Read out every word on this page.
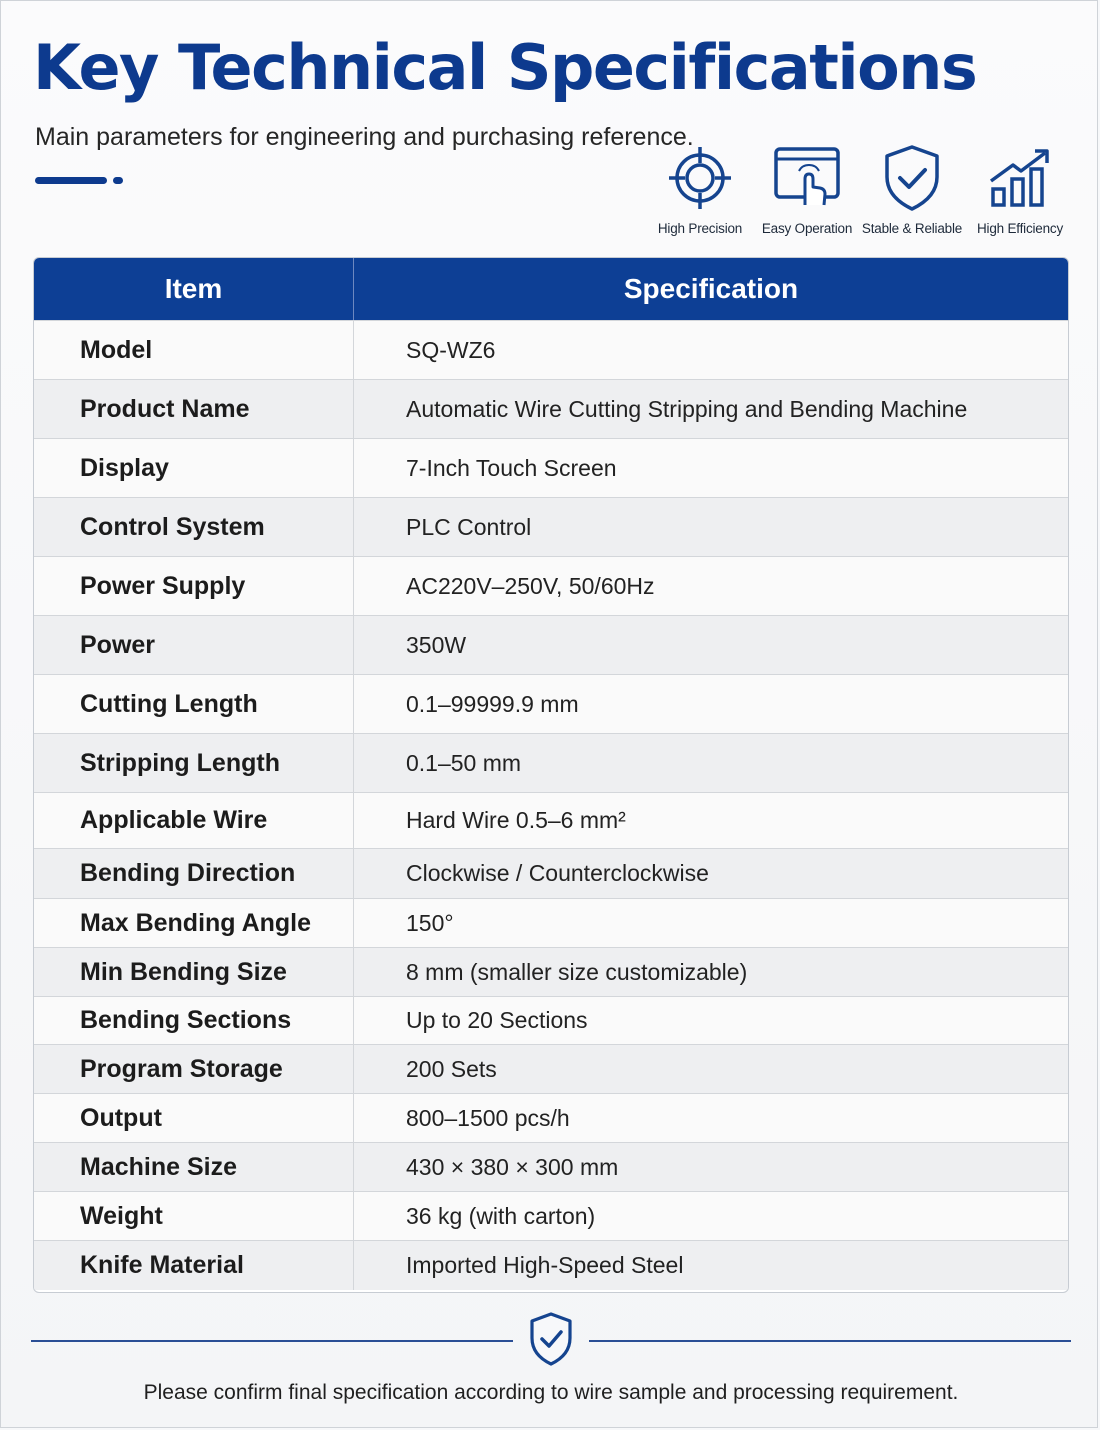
Key Technical Specifications
Main parameters for engineering and purchasing reference.
High Precision	Easy Operation Stable & Reliable	High Efficiency
Item	Specification
Model	SQ-WZ6
Product Name	Automatic Wire Cutting Stripping and Bending Machine
Display	7-Inch Touch Screen
Control System	PLC Control
Power Supply	AC220V–250V, 50/60Hz
Power	350W
Cutting Length	0.1–99999.9 mm
Stripping Length	0.1–50 mm
Applicable Wire	Hard Wire 0.5–6 mm²
Bending Direction	Clockwise / Counterclockwise
Max Bending Angle	150°
Min Bending Size	8 mm (smaller size customizable)
Bending Sections	Up to 20 Sections
Program Storage	200 Sets
Output	800–1500 pcs/h
Machine Size	430 × 380 × 300 mm
Weight	36 kg (with carton)
Knife Material	Imported High-Speed Steel
Please confirm final specification according to wire sample and processing requirement.
